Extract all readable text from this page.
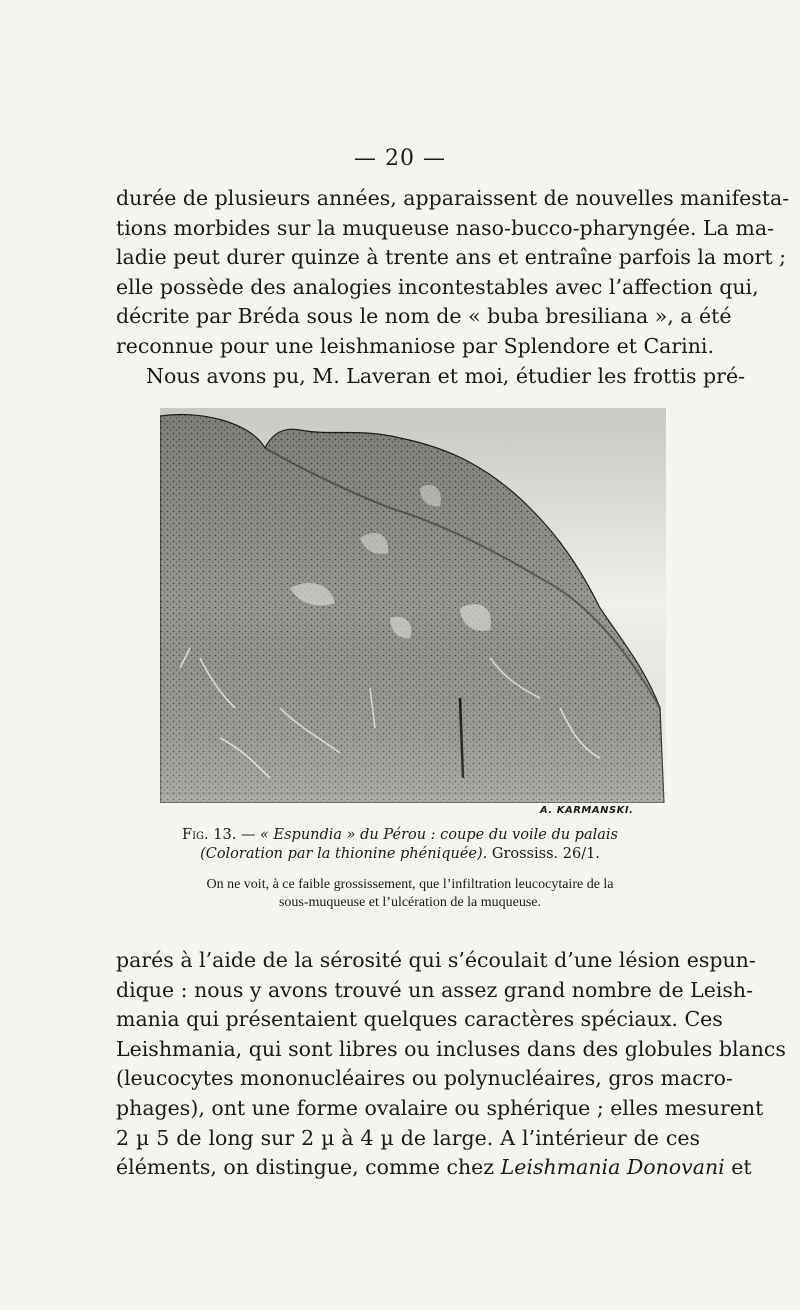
— 20 —
durée de plusieurs années, apparaissent de nouvelles manifesta-
tions morbides sur la muqueuse naso-bucco-pharyngée. La ma-
ladie peut durer quinze à trente ans et entraîne parfois la mort ;
elle possède des analogies incontestables avec l’affection qui,
décrite par Bréda sous le nom de « buba bresiliana », a été
reconnue pour une leishmaniose par Splendore et Carini.
Nous avons pu, M. Laveran et moi, étudier les frottis pré-
A. KARMANSKI.
Fig. 13. — « Espundia » du Pérou : coupe du voile du palais
(Coloration par la thionine phéniquée). Grossiss. 26/1.
On ne voit, à ce faible grossissement, que l’infiltration leucocytaire de la
sous-muqueuse et l’ulcération de la muqueuse.
parés à l’aide de la sérosité qui s’écoulait d’une lésion espun-
dique : nous y avons trouvé un assez grand nombre de Leish-
mania qui présentaient quelques caractères spéciaux. Ces
Leishmania, qui sont libres ou incluses dans des globules blancs
(leucocytes mononucléaires ou polynucléaires, gros macro-
phages), ont une forme ovalaire ou sphérique ; elles mesurent
2 µ 5 de long sur 2 µ à 4 µ de large. A l’intérieur de ces
éléments, on distingue, comme chez Leishmania Donovani et
